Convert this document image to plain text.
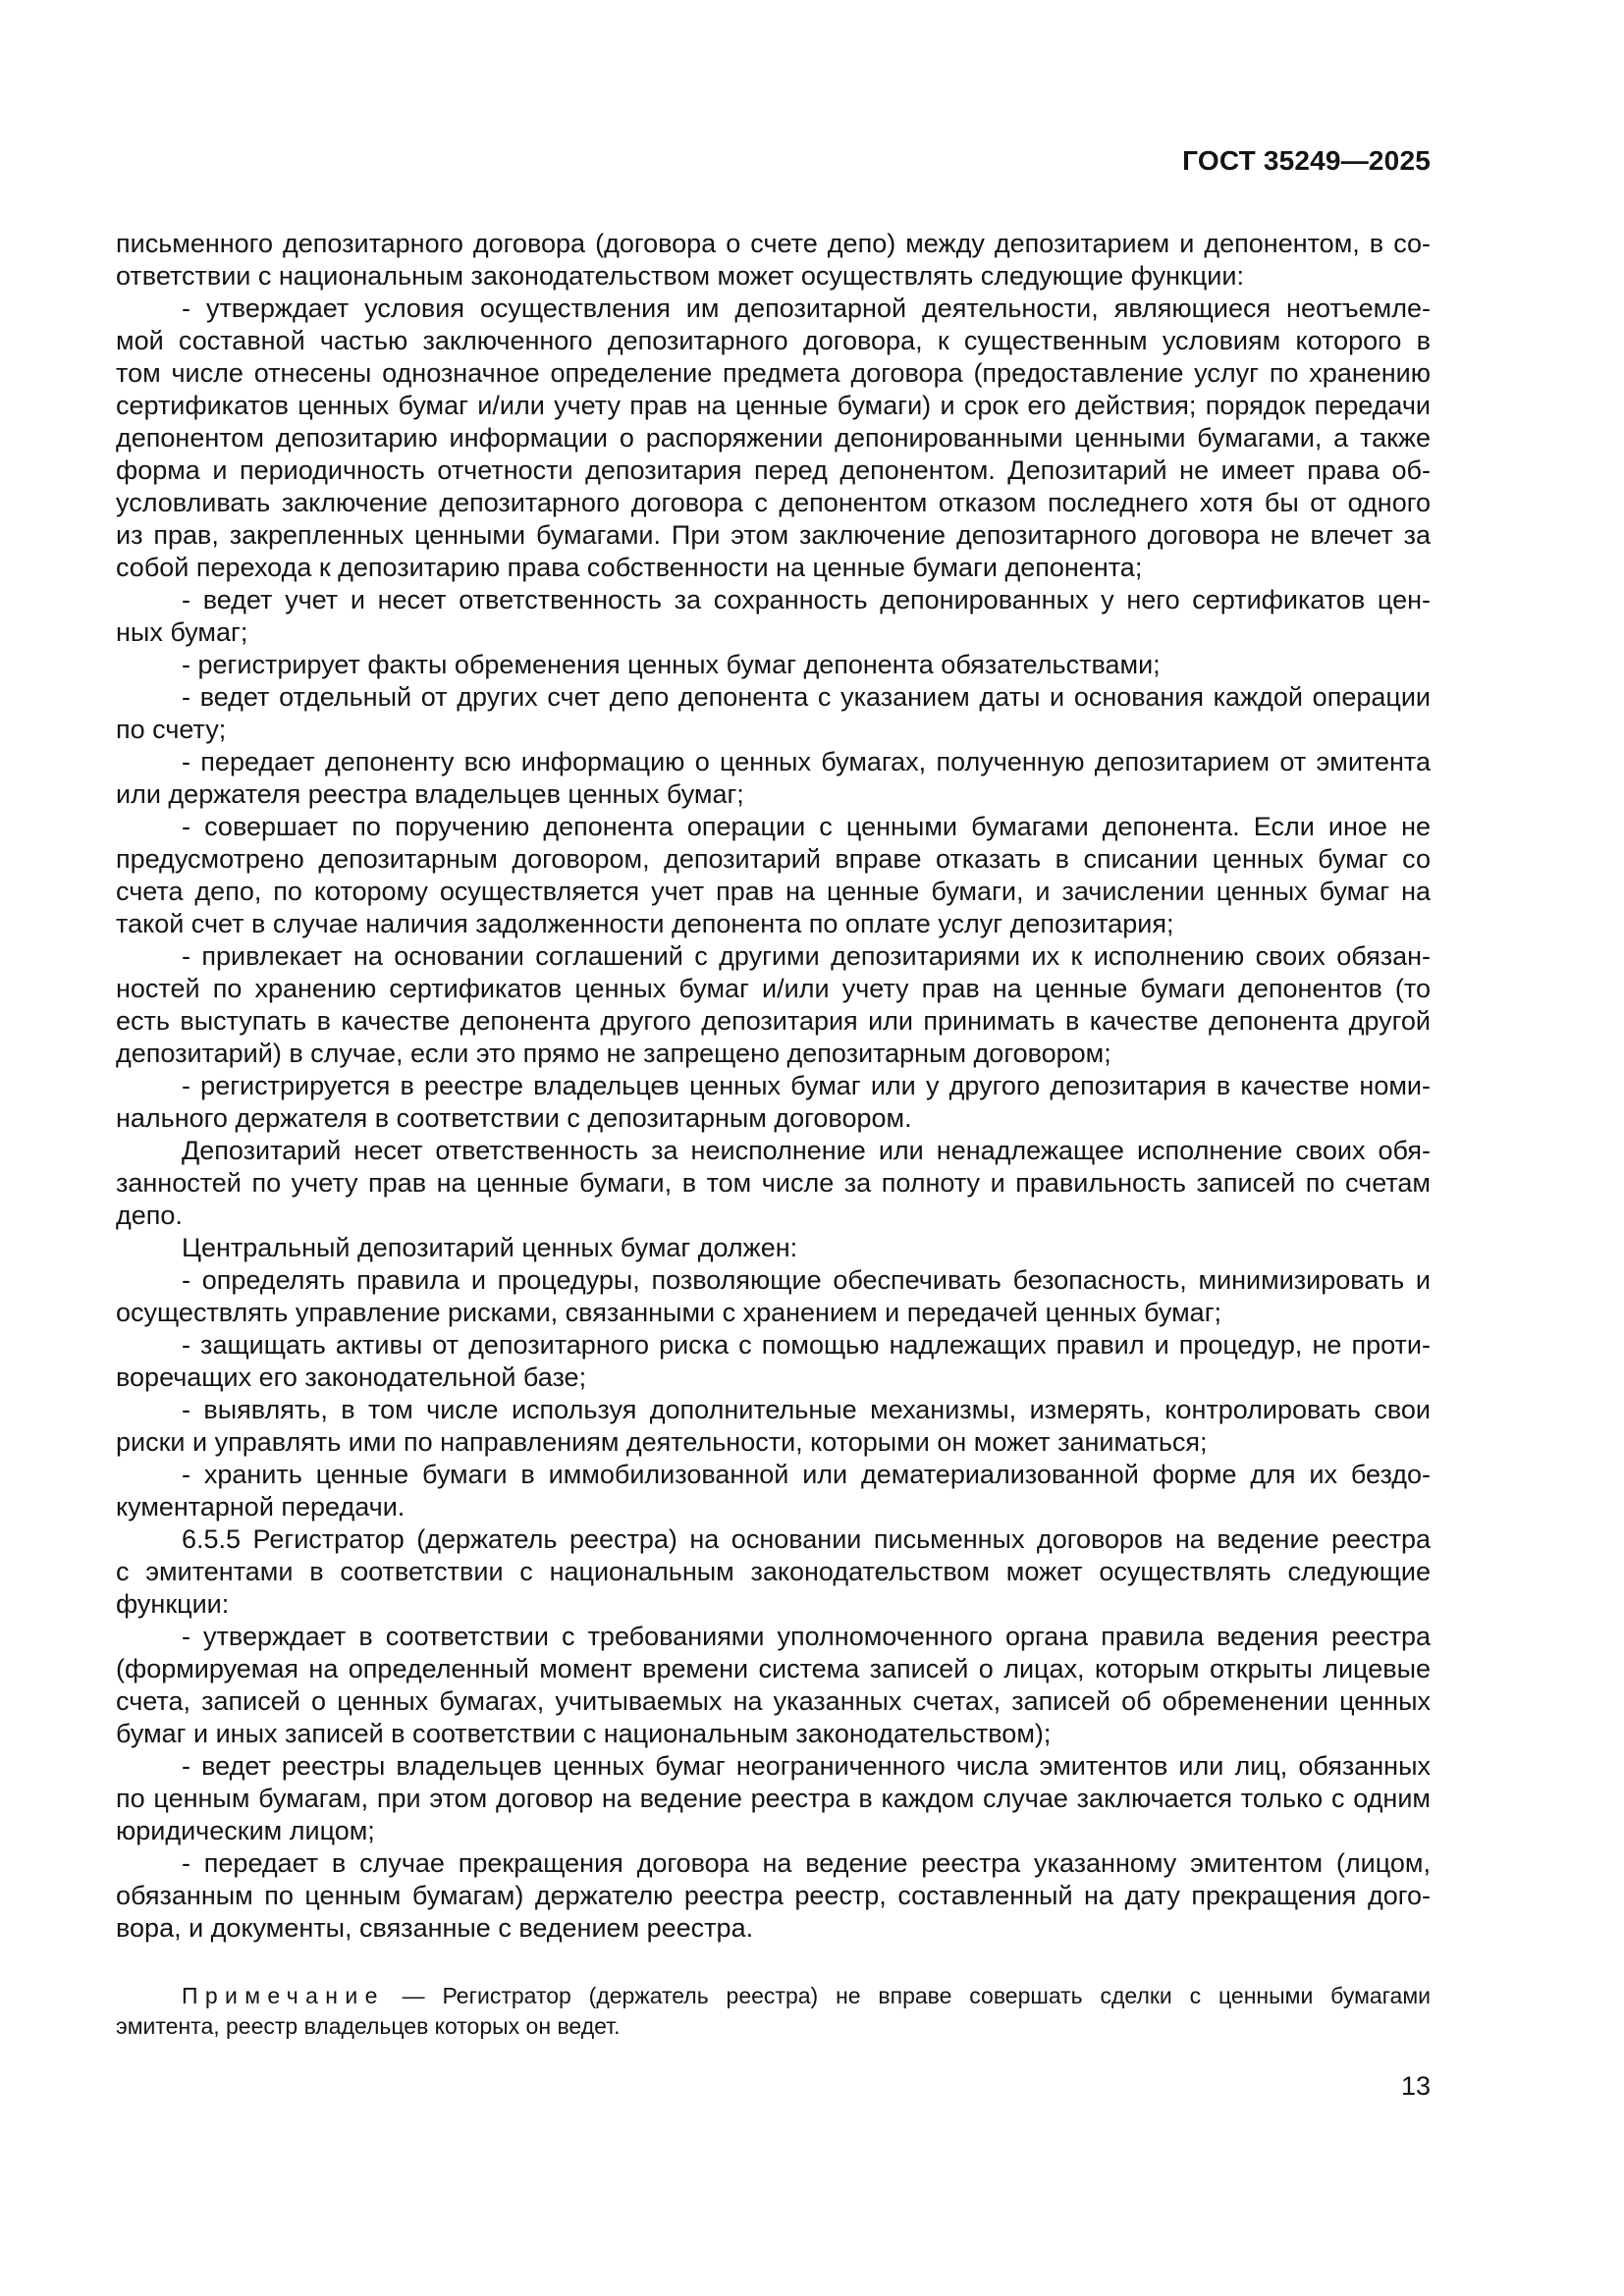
ГОСТ 35249—2025
письменного депозитарного договора (договора о счете депо) между депозитарием и депонентом, в со-
ответствии с национальным законодательством может осуществлять следующие функции:
- утверждает условия осуществления им депозитарной деятельности, являющиеся неотъемле-
мой составной частью заключенного депозитарного договора, к существенным условиям которого в
том числе отнесены однозначное определение предмета договора (предоставление услуг по хранению
сертификатов ценных бумаг и/или учету прав на ценные бумаги) и срок его действия; порядок передачи
депонентом депозитарию информации о распоряжении депонированными ценными бумагами, а также
форма и периодичность отчетности депозитария перед депонентом. Депозитарий не имеет права об-
условливать заключение депозитарного договора с депонентом отказом последнего хотя бы от одного
из прав, закрепленных ценными бумагами. При этом заключение депозитарного договора не влечет за
собой перехода к депозитарию права собственности на ценные бумаги депонента;
- ведет учет и несет ответственность за сохранность депонированных у него сертификатов цен-
ных бумаг;
- регистрирует факты обременения ценных бумаг депонента обязательствами;
- ведет отдельный от других счет депо депонента с указанием даты и основания каждой операции
по счету;
- передает депоненту всю информацию о ценных бумагах, полученную депозитарием от эмитента
или держателя реестра владельцев ценных бумаг;
- совершает по поручению депонента операции с ценными бумагами депонента. Если иное не
предусмотрено депозитарным договором, депозитарий вправе отказать в списании ценных бумаг со
счета депо, по которому осуществляется учет прав на ценные бумаги, и зачислении ценных бумаг на
такой счет в случае наличия задолженности депонента по оплате услуг депозитария;
- привлекает на основании соглашений с другими депозитариями их к исполнению своих обязан-
ностей по хранению сертификатов ценных бумаг и/или учету прав на ценные бумаги депонентов (то
есть выступать в качестве депонента другого депозитария или принимать в качестве депонента другой
депозитарий) в случае, если это прямо не запрещено депозитарным договором;
- регистрируется в реестре владельцев ценных бумаг или у другого депозитария в качестве номи-
нального держателя в соответствии с депозитарным договором.
Депозитарий несет ответственность за неисполнение или ненадлежащее исполнение своих обя-
занностей по учету прав на ценные бумаги, в том числе за полноту и правильность записей по счетам
депо.
Центральный депозитарий ценных бумаг должен:
- определять правила и процедуры, позволяющие обеспечивать безопасность, минимизировать и
осуществлять управление рисками, связанными с хранением и передачей ценных бумаг;
- защищать активы от депозитарного риска с помощью надлежащих правил и процедур, не проти-
воречащих его законодательной базе;
- выявлять, в том числе используя дополнительные механизмы, измерять, контролировать свои
риски и управлять ими по направлениям деятельности, которыми он может заниматься;
- хранить ценные бумаги в иммобилизованной или дематериализованной форме для их бездо-
кументарной передачи.
6.5.5 Регистратор (держатель реестра) на основании письменных договоров на ведение реестра
с эмитентами в соответствии с национальным законодательством может осуществлять следующие
функции:
- утверждает в соответствии с требованиями уполномоченного органа правила ведения реестра
(формируемая на определенный момент времени система записей о лицах, которым открыты лицевые
счета, записей о ценных бумагах, учитываемых на указанных счетах, записей об обременении ценных
бумаг и иных записей в соответствии с национальным законодательством);
- ведет реестры владельцев ценных бумаг неограниченного числа эмитентов или лиц, обязанных
по ценным бумагам, при этом договор на ведение реестра в каждом случае заключается только с одним
юридическим лицом;
- передает в случае прекращения договора на ведение реестра указанному эмитентом (лицом,
обязанным по ценным бумагам) держателю реестра реестр, составленный на дату прекращения дого-
вора, и документы, связанные с ведением реестра.
Примечание — Регистратор (держатель реестра) не вправе совершать сделки с ценными бумагами
эмитента, реестр владельцев которых он ведет.
13
